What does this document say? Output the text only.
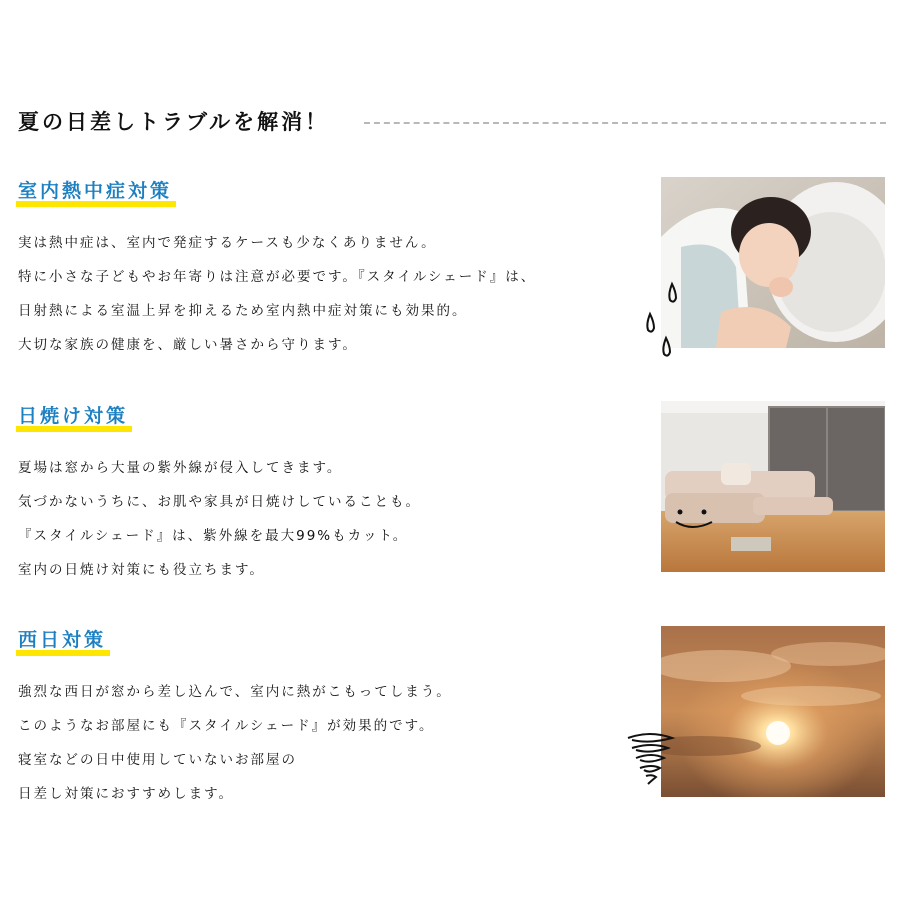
夏の日差しトラブルを解消！
室内熱中症対策
実は熱中症は、室内で発症するケースも少なくありません。
特に小さな子どもやお年寄りは注意が必要です。『スタイルシェード』は、
日射熱による室温上昇を抑えるため室内熱中症対策にも効果的。
大切な家族の健康を、厳しい暑さから守ります。
日焼け対策
夏場は窓から大量の紫外線が侵入してきます。
気づかないうちに、お肌や家具が日焼けしていることも。
『スタイルシェード』は、紫外線を最大99%もカット。
室内の日焼け対策にも役立ちます。
西日対策
強烈な西日が窓から差し込んで、室内に熱がこもってしまう。
このようなお部屋にも『スタイルシェード』が効果的です。
寝室などの日中使用していないお部屋の
日差し対策におすすめします。
